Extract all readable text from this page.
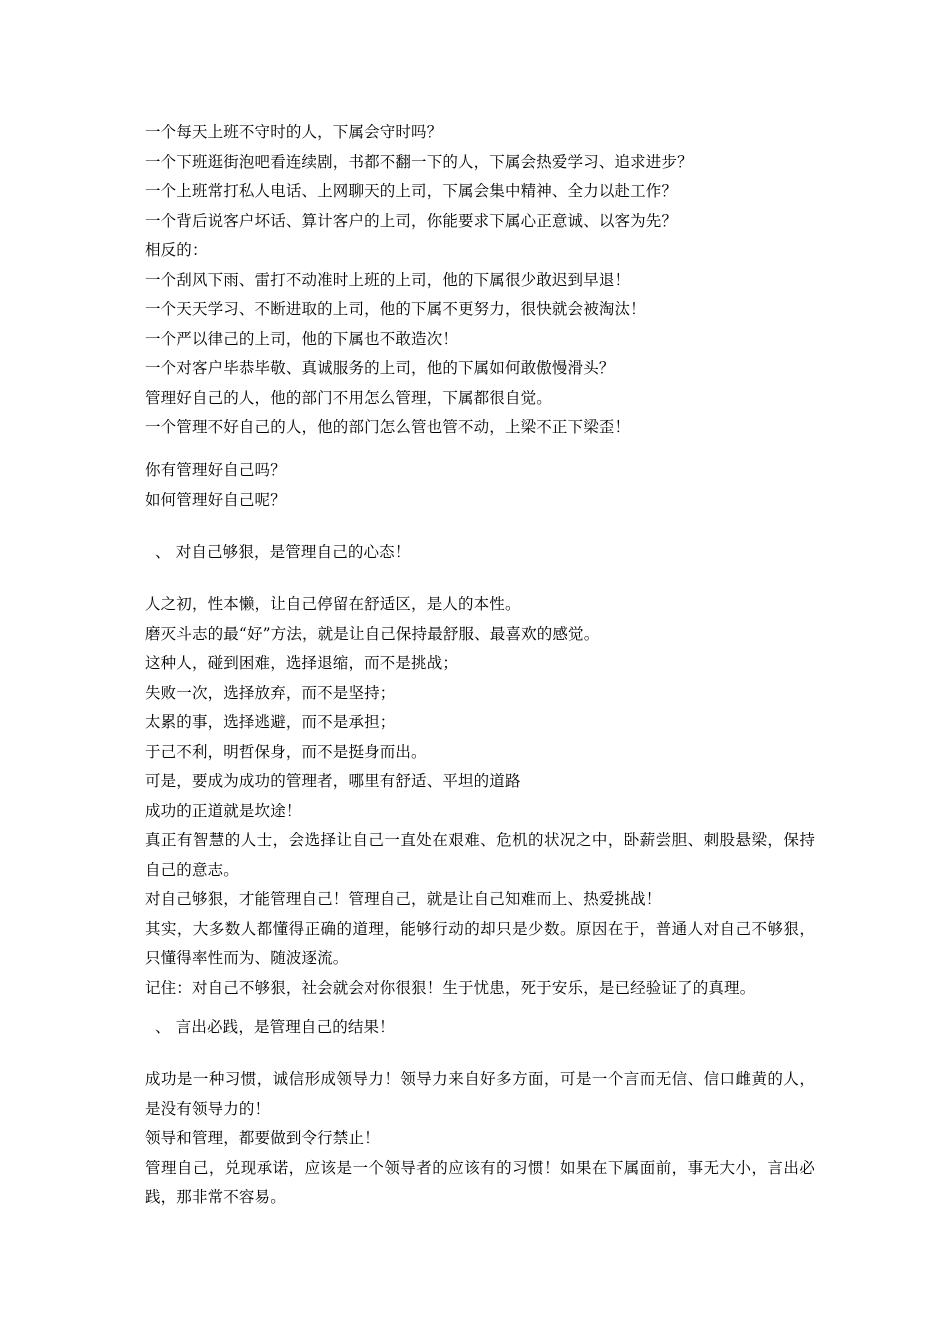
一个每天上班不守时的人，下属会守时吗？
一个下班逛街泡吧看连续剧，书都不翻一下的人，下属会热爱学习、追求进步？
一个上班常打私人电话、上网聊天的上司，下属会集中精神、全力以赴工作？
一个背后说客户坏话、算计客户的上司，你能要求下属心正意诚、以客为先？
相反的：
一个刮风下雨、雷打不动准时上班的上司，他的下属很少敢迟到早退！
一个天天学习、不断进取的上司，他的下属不更努力，很快就会被淘汰！
一个严以律己的上司，他的下属也不敢造次！
一个对客户毕恭毕敬、真诚服务的上司，他的下属如何敢傲慢滑头？
管理好自己的人，他的部门不用怎么管理，下属都很自觉。
一个管理不好自己的人，他的部门怎么管也管不动，上梁不正下梁歪！
你有管理好自己吗？
如何管理好自己呢？
、 对自己够狠，是管理自己的心态！
人之初，性本懒，让自己停留在舒适区，是人的本性。
磨灭斗志的最“好”方法，就是让自己保持最舒服、最喜欢的感觉。
这种人，碰到困难，选择退缩，而不是挑战；
失败一次，选择放弃，而不是坚持；
太累的事，选择逃避，而不是承担；
于己不利，明哲保身，而不是挺身而出。
可是，要成为成功的管理者，哪里有舒适、平坦的道路
成功的正道就是坎途！
真正有智慧的人士，会选择让自己一直处在艰难、危机的状况之中，卧薪尝胆、刺股悬梁，保持自己的意志。
对自己够狠，才能管理自己！管理自己，就是让自己知难而上、热爱挑战！
其实，大多数人都懂得正确的道理，能够行动的却只是少数。原因在于，普通人对自己不够狠，只懂得率性而为、随波逐流。
记住：对自己不够狠，社会就会对你很狠！生于忧患，死于安乐，是已经验证了的真理。
、 言出必践，是管理自己的结果！
成功是一种习惯，诚信形成领导力！领导力来自好多方面，可是一个言而无信、信口雌黄的人，是没有领导力的！
领导和管理，都要做到令行禁止！
管理自己，兑现承诺，应该是一个领导者的应该有的习惯！如果在下属面前，事无大小，言出必践，那非常不容易。
